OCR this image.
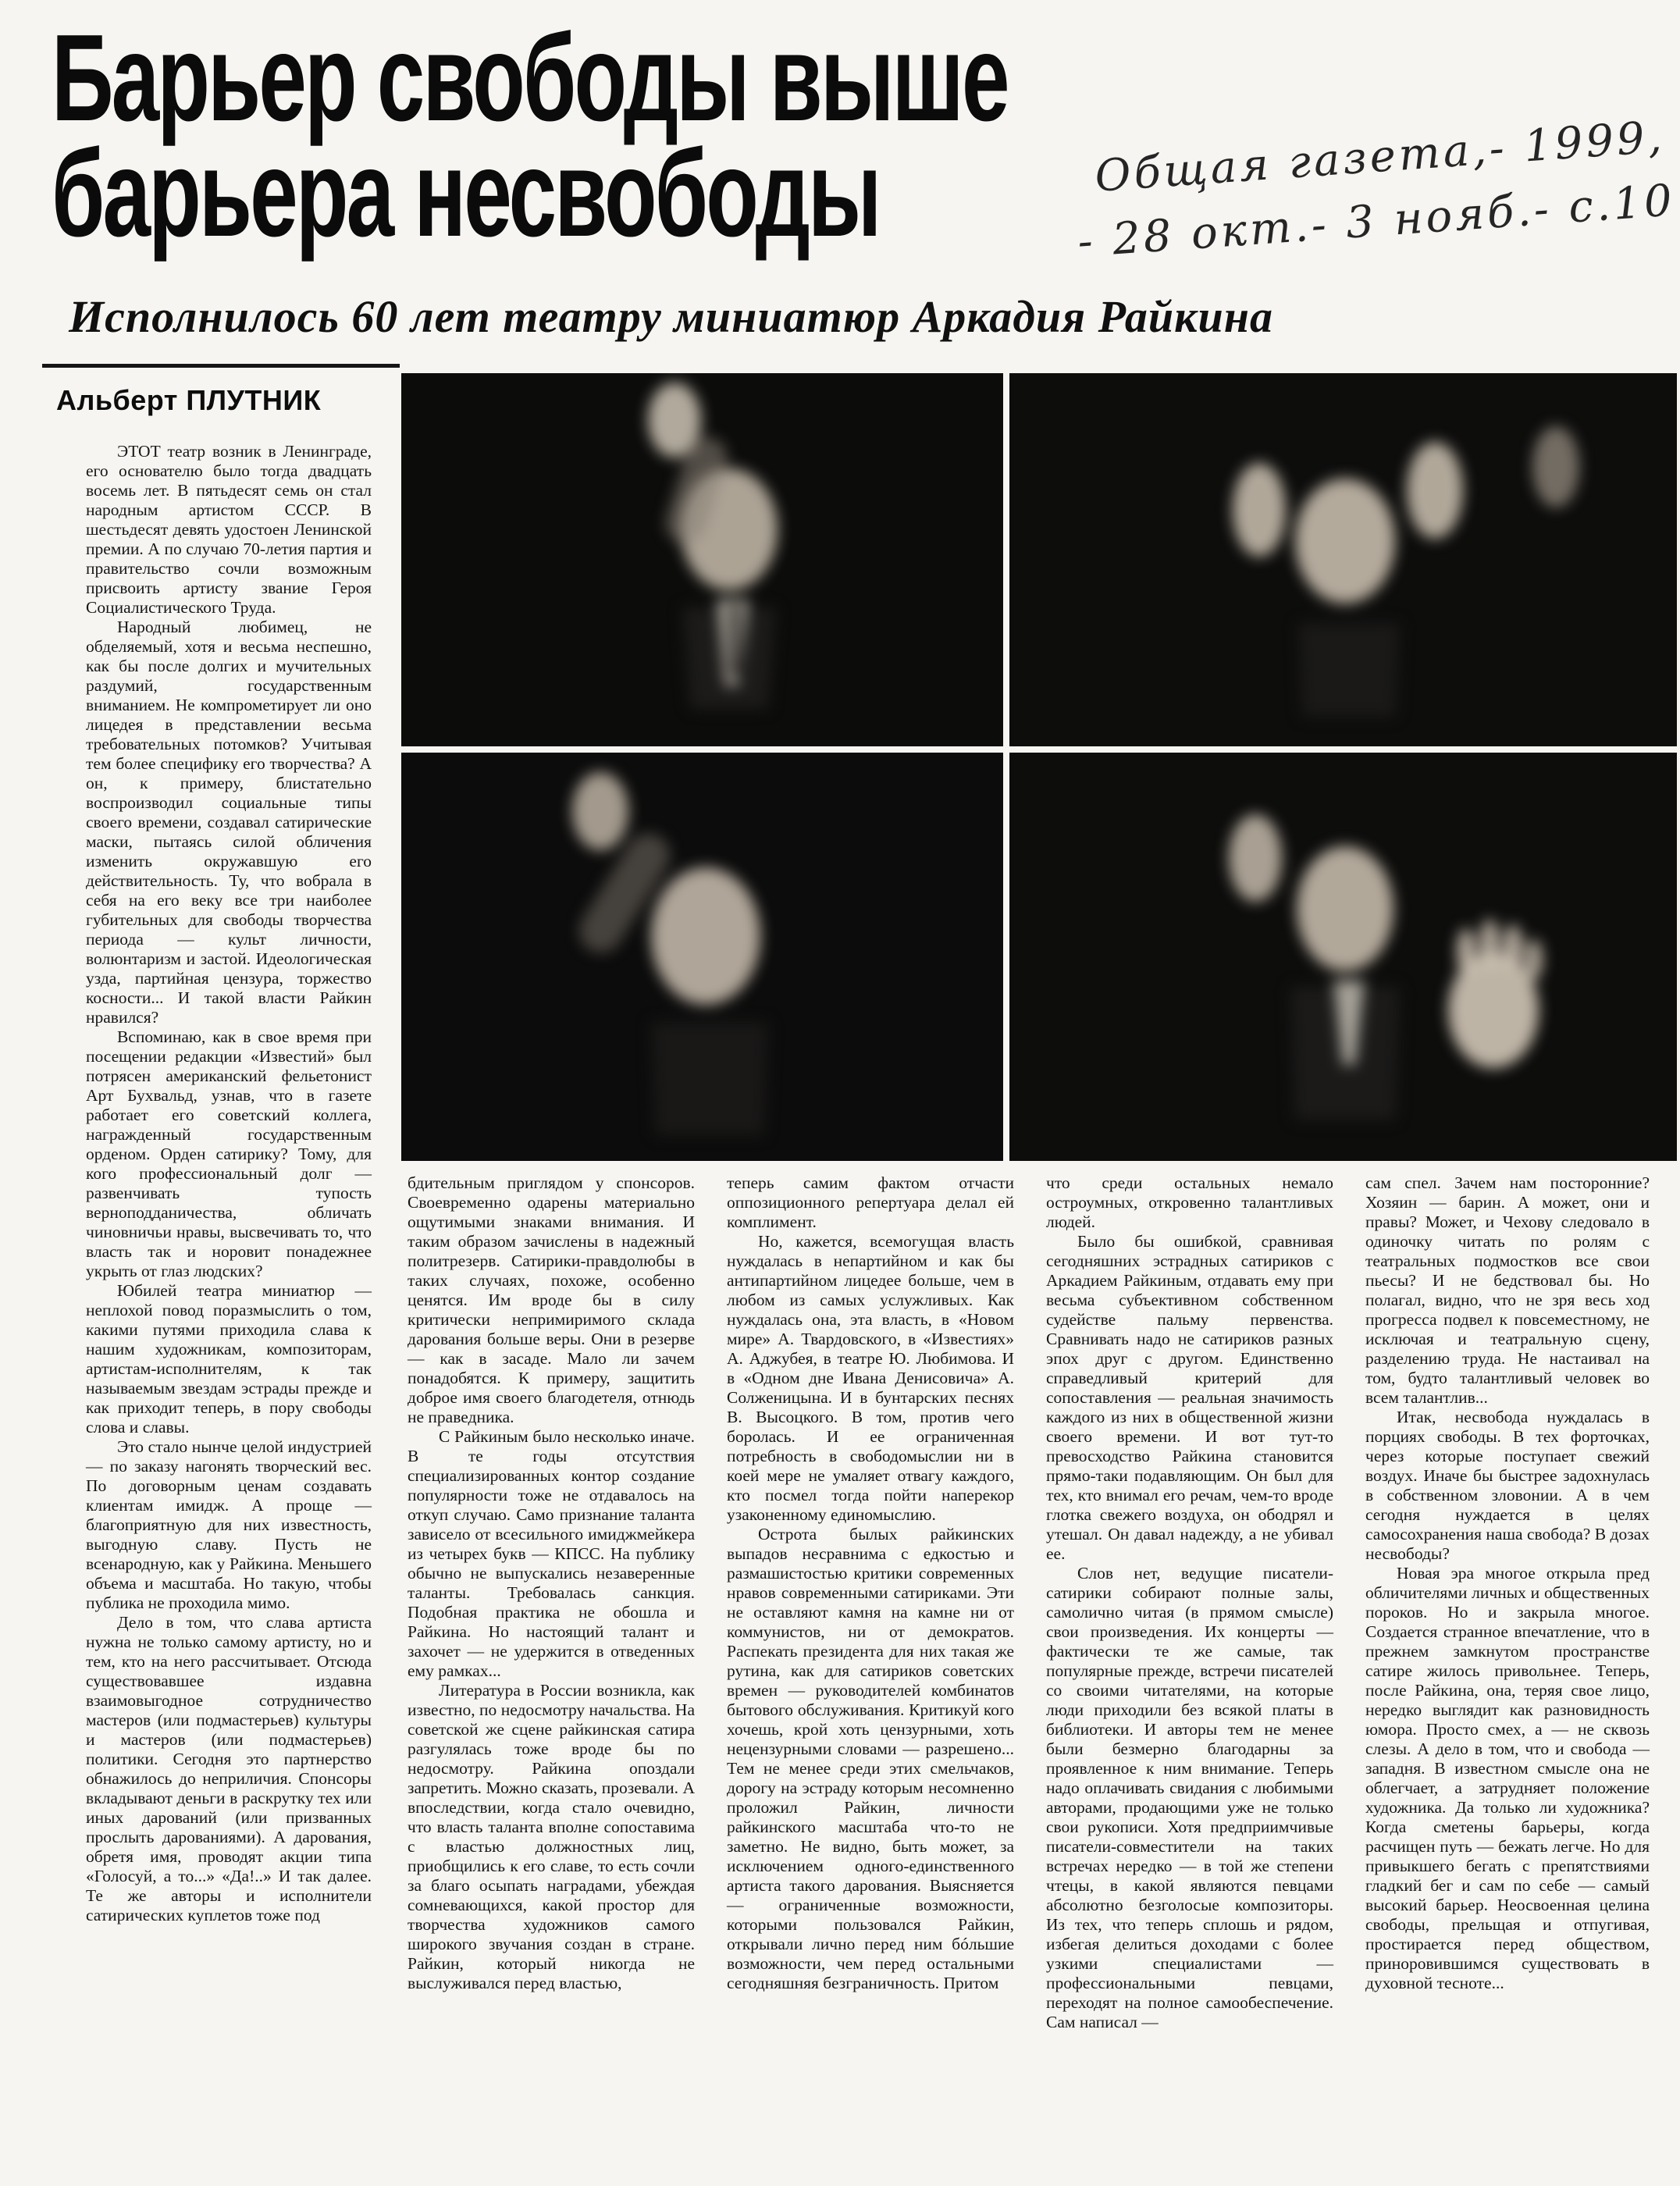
Барьер свободы выше
барьера несвободы	Общая газета,- 1999,
- 28 окт.- 3 нояб.- с.10
Исполнилось 60 лет театру миниатюр Аркадия Райкина
Альберт ПЛУТНИК

ЭТОТ театр возник в Ленинграде, его основателю было тогда двадцать восемь лет. В пятьдесят семь он стал народным артистом СССР. В шестьдесят девять удостоен Ленинской премии. А по случаю 70-летия партия и правительство сочли возможным присвоить артисту звание Героя Социалистического Труда.

Народный любимец, не обделяемый, хотя и весьма неспешно, как бы после долгих и мучительных раздумий, государственным вниманием. Не компрометирует ли оно лицедея в представлении весьма требовательных потомков? Учитывая тем более специфику его творчества? А он, к примеру, блистательно воспроизводил социальные типы своего времени, создавал сатирические маски, пытаясь силой обличения изменить окружавшую его действительность. Ту, что вобрала в себя на его веку все три наиболее губительных для свободы творчества периода — культ личности, волюнтаризм и застой. Идеологическая узда, партийная цензура, торжество косности... И такой власти Райкин нравился?

Вспоминаю, как в свое время при посещении редакции «Известий» был потрясен американский фельетонист Арт Бухвальд, узнав, что в газете работает его советский коллега, награжденный государственным орденом. Орден сатирику? Тому, для кого профессиональный долг — развенчивать тупость верноподданичества, обличать чиновничьи нравы, высвечивать то, что власть так и норовит понадежнее укрыть от глаз людских?

Юбилей театра миниатюр — неплохой повод поразмыслить о том, какими путями приходила слава к нашим художникам, композиторам, артистам-исполнителям, к так называемым звездам эстрады прежде и как приходит теперь, в пору свободы слова и славы.

Это стало нынче целой индустрией — по заказу нагонять творческий вес. По договорным ценам создавать клиентам имидж. А проще — благоприятную для них известность, выгодную славу. Пусть не всенародную, как у Райкина. Меньшего объема и масштаба. Но такую, чтобы публика не проходила мимо.

Дело в том, что слава артиста нужна не только самому артисту, но и тем, кто на него рассчитывает. Отсюда существовавшее издавна взаимовыгодное сотрудничество мастеров (или подмастерьев) культуры и мастеров (или подмастерьев) политики. Сегодня это партнерство обнажилось до неприличия. Спонсоры вкладывают деньги в раскрутку тех или иных дарований (или призванных прослыть дарованиями). А дарования, обретя имя, проводят акции типа «Голосуй, а то...» «Да!..» И так далее. Те же авторы и исполнители сатирических куплетов тоже под

бдительным приглядом у спонсоров. Своевременно одарены материально ощутимыми знаками внимания. И таким образом зачислены в надежный политрезерв. Сатирики-правдолюбы в таких случаях, похоже, особенно ценятся. Им вроде бы в силу критически непримиримого склада дарования больше веры. Они в резерве — как в засаде. Мало ли зачем понадобятся. К примеру, защитить доброе имя своего благодетеля, отнюдь не праведника.

С Райкиным было несколько иначе. В те годы отсутствия специализированных контор создание популярности тоже не отдавалось на откуп случаю. Само признание таланта зависело от всесильного имиджмейкера из четырех букв — КПСС. На публику обычно не выпускались незаверенные таланты. Требовалась санкция. Подобная практика не обошла и Райкина. Но настоящий талант и захочет — не удержится в отведенных ему рамках...

Литература в России возникла, как известно, по недосмотру начальства. На советской же сцене райкинская сатира разгулялась тоже вроде бы по недосмотру. Райкина опоздали запретить. Можно сказать, прозевали. А впоследствии, когда стало очевидно, что власть таланта вполне сопоставима с властью должностных лиц, приобщились к его славе, то есть сочли за благо осыпать наградами, убеждая сомневающихся, какой простор для творчества художников самого широкого звучания создан в стране. Райкин, который никогда не выслуживался перед властью,

теперь самим фактом отчасти оппозиционного репертуара делал ей комплимент.

Но, кажется, всемогущая власть нуждалась в непартийном и как бы антипартийном лицедее больше, чем в любом из самых услужливых. Как нуждалась она, эта власть, в «Новом мире» А. Твардовского, в «Известиях» А. Аджубея, в театре Ю. Любимова. И в «Одном дне Ивана Денисовича» А. Солженицына. И в бунтарских песнях В. Высоцкого. В том, против чего боролась. И ее ограниченная потребность в свободомыслии ни в коей мере не умаляет отвагу каждого, кто посмел тогда пойти наперекор узаконенному единомыслию.

Острота былых райкинских выпадов несравнима с едкостью и размашистостью критики современных нравов современными сатириками. Эти не оставляют камня на камне ни от коммунистов, ни от демократов. Распекать президента для них такая же рутина, как для сатириков советских времен — руководителей комбинатов бытового обслуживания. Критикуй кого хочешь, крой хоть цензурными, хоть нецензурными словами — разрешено... Тем не менее среди этих смельчаков, дорогу на эстраду которым несомненно проложил Райкин, личности райкинского масштаба что-то не заметно. Не видно, быть может, за исключением одного-единственного артиста такого дарования. Выясняется — ограниченные возможности, которыми пользовался Райкин, открывали лично перед ним бóльшие возможности, чем перед остальными сегодняшняя безграничность. Притом

что среди остальных немало остроумных, откровенно талантливых людей.

Было бы ошибкой, сравнивая сегодняшних эстрадных сатириков с Аркадием Райкиным, отдавать ему при весьма субъективном собственном судействе пальму первенства. Сравнивать надо не сатириков разных эпох друг с другом. Единственно справедливый критерий для сопоставления — реальная значимость каждого из них в общественной жизни своего времени. И вот тут-то превосходство Райкина становится прямо-таки подавляющим. Он был для тех, кто внимал его речам, чем-то вроде глотка свежего воздуха, он ободрял и утешал. Он давал надежду, а не убивал ее.

Слов нет, ведущие писатели-сатирики собирают полные залы, самолично читая (в прямом смысле) свои произведения. Их концерты — фактически те же самые, так популярные прежде, встречи писателей со своими читателями, на которые люди приходили без всякой платы в библиотеки. И авторы тем не менее были безмерно благодарны за проявленное к ним внимание. Теперь надо оплачивать свидания с любимыми авторами, продающими уже не только свои рукописи. Хотя предприимчивые писатели-совместители на таких встречах нередко — в той же степени чтецы, в какой являются певцами абсолютно безголосые композиторы. Из тех, что теперь сплошь и рядом, избегая делиться доходами с более узкими специалистами — профессиональными певцами, переходят на полное самообеспечение. Сам написал —

сам спел. Зачем нам посторонние? Хозяин — барин. А может, они и правы? Может, и Чехову следовало в одиночку читать по ролям с театральных подмостков все свои пьесы? И не бедствовал бы. Но полагал, видно, что не зря весь ход прогресса подвел к повсеместному, не исключая и театральную сцену, разделению труда. Не настаивал на том, будто талантливый человек во всем талантлив...

Итак, несвобода нуждалась в порциях свободы. В тех форточках, через которые поступает свежий воздух. Иначе бы быстрее задохнулась в собственном зловонии. А в чем сегодня нуждается в целях самосохранения наша свобода? В дозах несвободы?

Новая эра многое открыла пред обличителями личных и общественных пороков. Но и закрыла многое. Создается странное впечатление, что в прежнем замкнутом пространстве сатире жилось привольнее. Теперь, после Райкина, она, теряя свое лицо, нередко выглядит как разновидность юмора. Просто смех, а — не сквозь слезы. А дело в том, что и свобода — западня. В известном смысле она не облегчает, а затрудняет положение художника. Да только ли художника? Когда сметены барьеры, когда расчищен путь — бежать легче. Но для привыкшего бегать с препятствиями гладкий бег и сам по себе — самый высокий барьер. Неосвоенная целина свободы, прельщая и отпугивая, простирается перед обществом, приноровившимся существовать в духовной тесноте...
